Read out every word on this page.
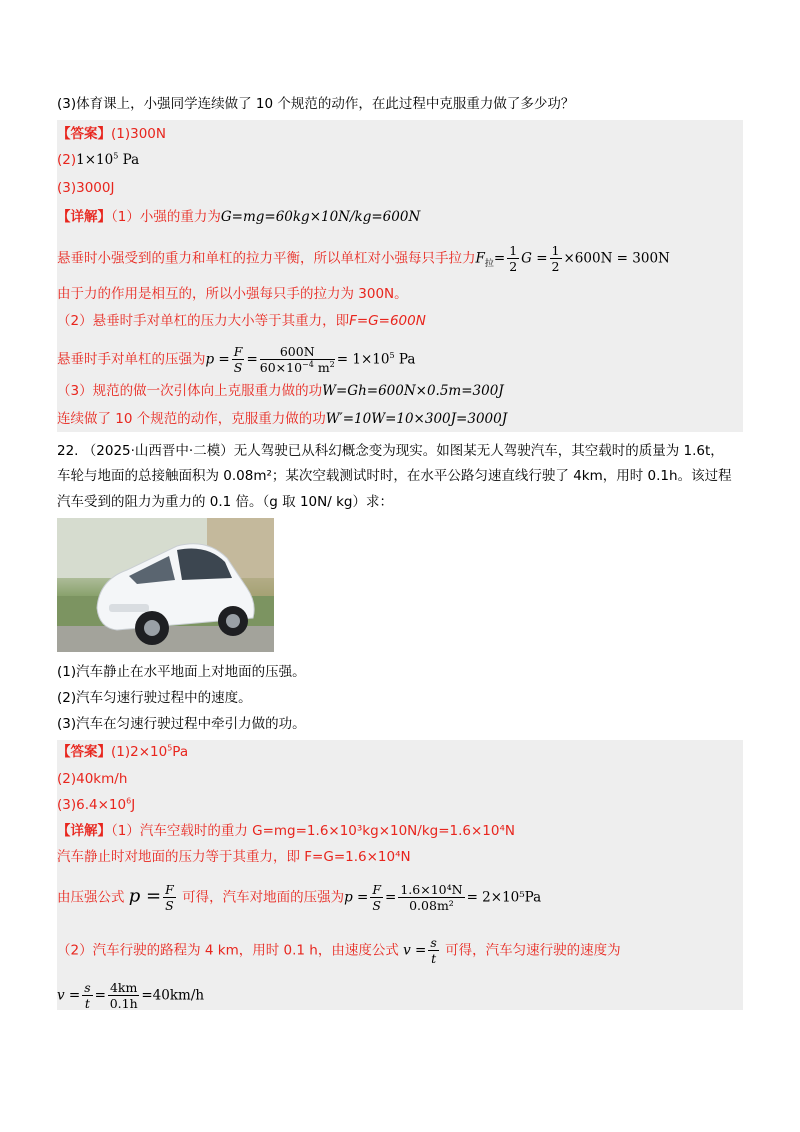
(3)体育课上，小强同学连续做了 10 个规范的动作，在此过程中克服重力做了多少功？
【答案】(1)300N
$(2)1\times 10^5$ Pa
(3)3000J
【详解】（1）小强的重力为G=mg=60kg×10N/kg=600N
悬垂时小强受到的重力和单杠的拉力平衡，所以单杠对小强每只手拉力$F_拉= \frac{1}{2}$ $G = \frac{1}{2} \times 600N = 300N$
由于力的作用是相互的，所以小强每只手的拉力为 300N。
（2）悬垂时手对单杠的压力大小等于其重力，即F=G=600N
悬垂时手对单杠的压强为$p = \frac{F}{S} = \frac{600N}{60\times 10^{-4} m^2} = 1\times 10^5$ Pa
（3）规范的做一次引体向上克服重力做的功W=Gh=600N×0.5m=300J
连续做了 10 个规范的动作，克服重力做的功W′=10W=10×300J=3000J
22. （2025·山西晋中·二模）无人驾驶已从科幻概念变为现实。如图某无人驾驶汽车，其空载时的质量为 1.6t，
车轮与地面的总接触面积为 0.08m²；某次空载测试时时，在水平公路匀速直线行驶了 4km，用时 0.1h。该过程
汽车受到的阻力为重力的 0.1 倍。（g 取 10N/ kg）求：
(1)汽车静止在水平地面上对地面的压强。
(2)汽车匀速行驶过程中的速度。
(3)汽车在匀速行驶过程中牵引力做的功。
【答案】$(1)2\times 10^5Pa$
(2)40km/h
$(3)6.4\times 10^6J$
【详解】（1）汽车空载时的重力 G=mg=1.6×10³kg×10N/kg=1.6×10⁴N
汽车静止时对地面的压力等于其重力，即 F=G=1.6×10⁴N
由压强公式 $p = \frac{F}{S}$ 可得，汽车对地面的压强为$p = \frac{F}{S} = \frac{\text{1.6×10⁴N}}{\text{0.08m²}} = 2\times 10^5Pa$
（2）汽车行驶的路程为 4 km，用时 0.1 h，由速度公式 $v = \frac{s}{t}$ 可得，汽车匀速行驶的速度为
$v = \frac{s}{t} = \frac{4km}{0.1h} =40km/h$
